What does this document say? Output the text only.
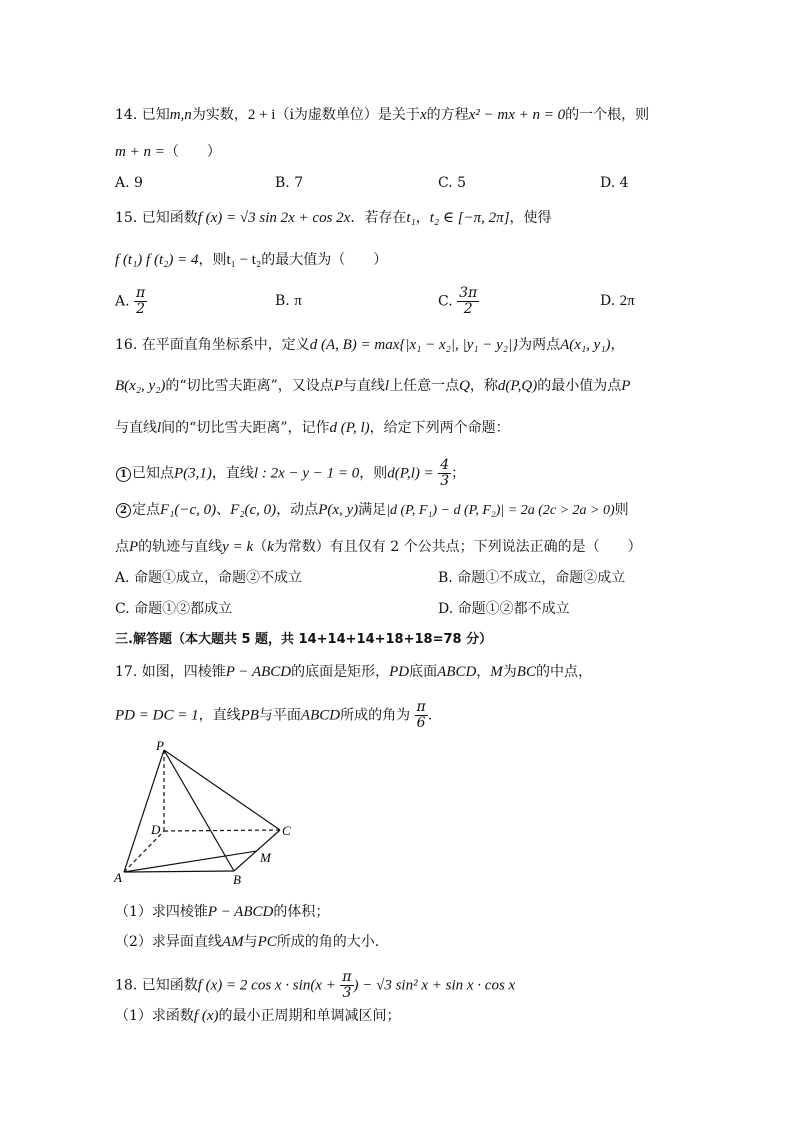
14. 已知m,n为实数，2 + i（i为虚数单位）是关于x的方程x² − mx + n = 0的一个根，则
m + n =（　　）
A. 9	B. 7	C. 5	D. 4
15. 已知函数f (x) = √3 sin 2x + cos 2x．若存在t₁，t₂ ∈ [−π, 2π]，使得
f (t₁) f (t₂) = 4，则t₁ − t₂的最大值为（　　）
A. $\frac{\pi}{2}$	B. π	C. $\frac{3\pi}{2}$	D. 2π
16. 在平面直角坐标系中，定义d (A, B) = max{|x₁ − x₂|, |y₁ − y₂|}为两点A(x₁, y₁)，
B(x₂, y₂)的“切比雪夫距离”，又设点P与直线l上任意一点Q，称d(P,Q)的最小值为点P
与直线l间的“切比雪夫距离”，记作d (P, l)，给定下列两个命题：
1 已知点P(3,1)，直线l : 2x − y − 1 = 0，则$d(P,l) = \frac{4}{3}$ ；
2 定点F₁(−c, 0)、F₂(c, 0)，动点P(x, y)满足|d (P, F₁) − d (P, F₂)| = 2a (2c > 2a > 0)则
点P的轨迹与直线y = k（k为常数）有且仅有 2 个公共点；下列说法正确的是（　　）
A. 命题①成立，命题②不成立	B. 命题①不成立，命题②成立
C. 命题①②都成立	D. 命题①②都不成立
三.解答题（本大题共 5 题，共 14+14+14+18+18=78 分）
17. 如图，四棱锥P − ABCD的底面是矩形，PD底面ABCD，M为BC的中点，
PD = DC = 1，直线PB与平面ABCD所成的角为 $\frac{\pi}{6}$ .
P
D	C
M
A	B
（1）求四棱锥P − ABCD的体积；
（2）求异面直线AM与PC所成的角的大小.
18. 已知函数f (x) = 2 $\cos x \cdot \sin(x + \frac{\pi}{3}$ ) − √3 sin² x + sin x · cos x
（1）求函数f (x)的最小正周期和单调减区间；
